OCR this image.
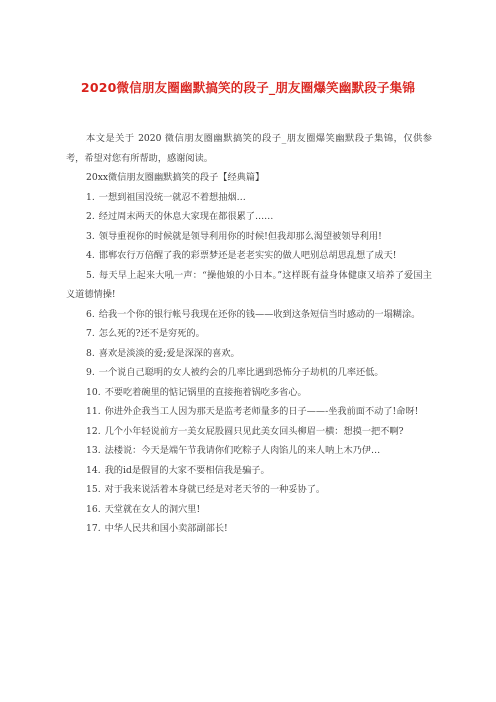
2020微信朋友圈幽默搞笑的段子_朋友圈爆笑幽默段子集锦

本文是关于 2020 微信朋友圈幽默搞笑的段子_朋友圈爆笑幽默段子集锦，仅供参考，希望对您有所帮助，感谢阅读。

20xx微信朋友圈幽默搞笑的段子【经典篇】

1. 一想到祖国没统一就忍不着想抽烟…

2. 经过周末两天的休息大家现在都很累了……

3. 领导重视你的时候就是领导利用你的时候!但我却那么渴望被领导利用!

4. 邯郸农行万倍醒了我的彩票梦还是老老实实的做人吧别总胡思乱想了成天!

5. 每天早上起来大吼一声：“操他娘的小日本。”这样既有益身体健康又培养了爱国主义道德情操!

6. 给我一个你的银行帐号我现在还你的钱——收到这条短信当时感动的一塌糊涂。

7. 怎么死的?还不是穷死的。

8. 喜欢是淡淡的爱;爱是深深的喜欢。

9. 一个说自己聪明的女人被约会的几率比遇到恐怖分子劫机的几率还低。

10. 不要吃着碗里的惦记锅里的直接拖着锅吃多省心。

11. 你进外企我当工人因为那天是监考老师量多的日子——-坐我前面不动了!命呀!

12. 几个小年轻说前方一美女屁股圆只见此美女回头柳眉一横：想摸一把不啊?

13. 法楼说：今天是端午节我请你们吃粽子人肉馅儿的来人呐上木乃伊…

14. 我的id是假冒的大家不要相信我是骗子。

15. 对于我来说活着本身就已经是对老天爷的一种妥协了。

16. 天堂就在女人的洞穴里!

17. 中华人民共和国小卖部副部长!
